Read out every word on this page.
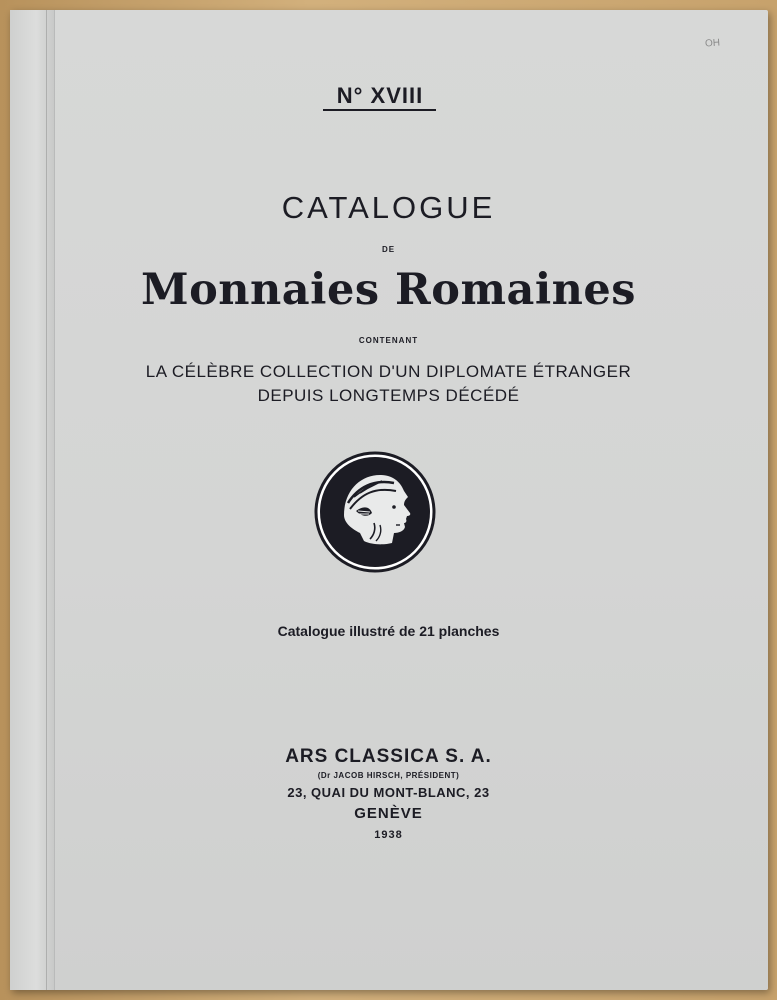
OH
N° XVIII
CATALOGUE
DE
Monnaies Romaines
CONTENANT
LA CÉLÈBRE COLLECTION D'UN DIPLOMATE ÉTRANGER
DEPUIS LONGTEMPS DÉCÉDÉ
Catalogue illustré de 21 planches
ARS CLASSICA S. A.
(Dr JACOB HIRSCH, PRÉSIDENT)
23, QUAI DU MONT-BLANC, 23
GENÈVE
1938
